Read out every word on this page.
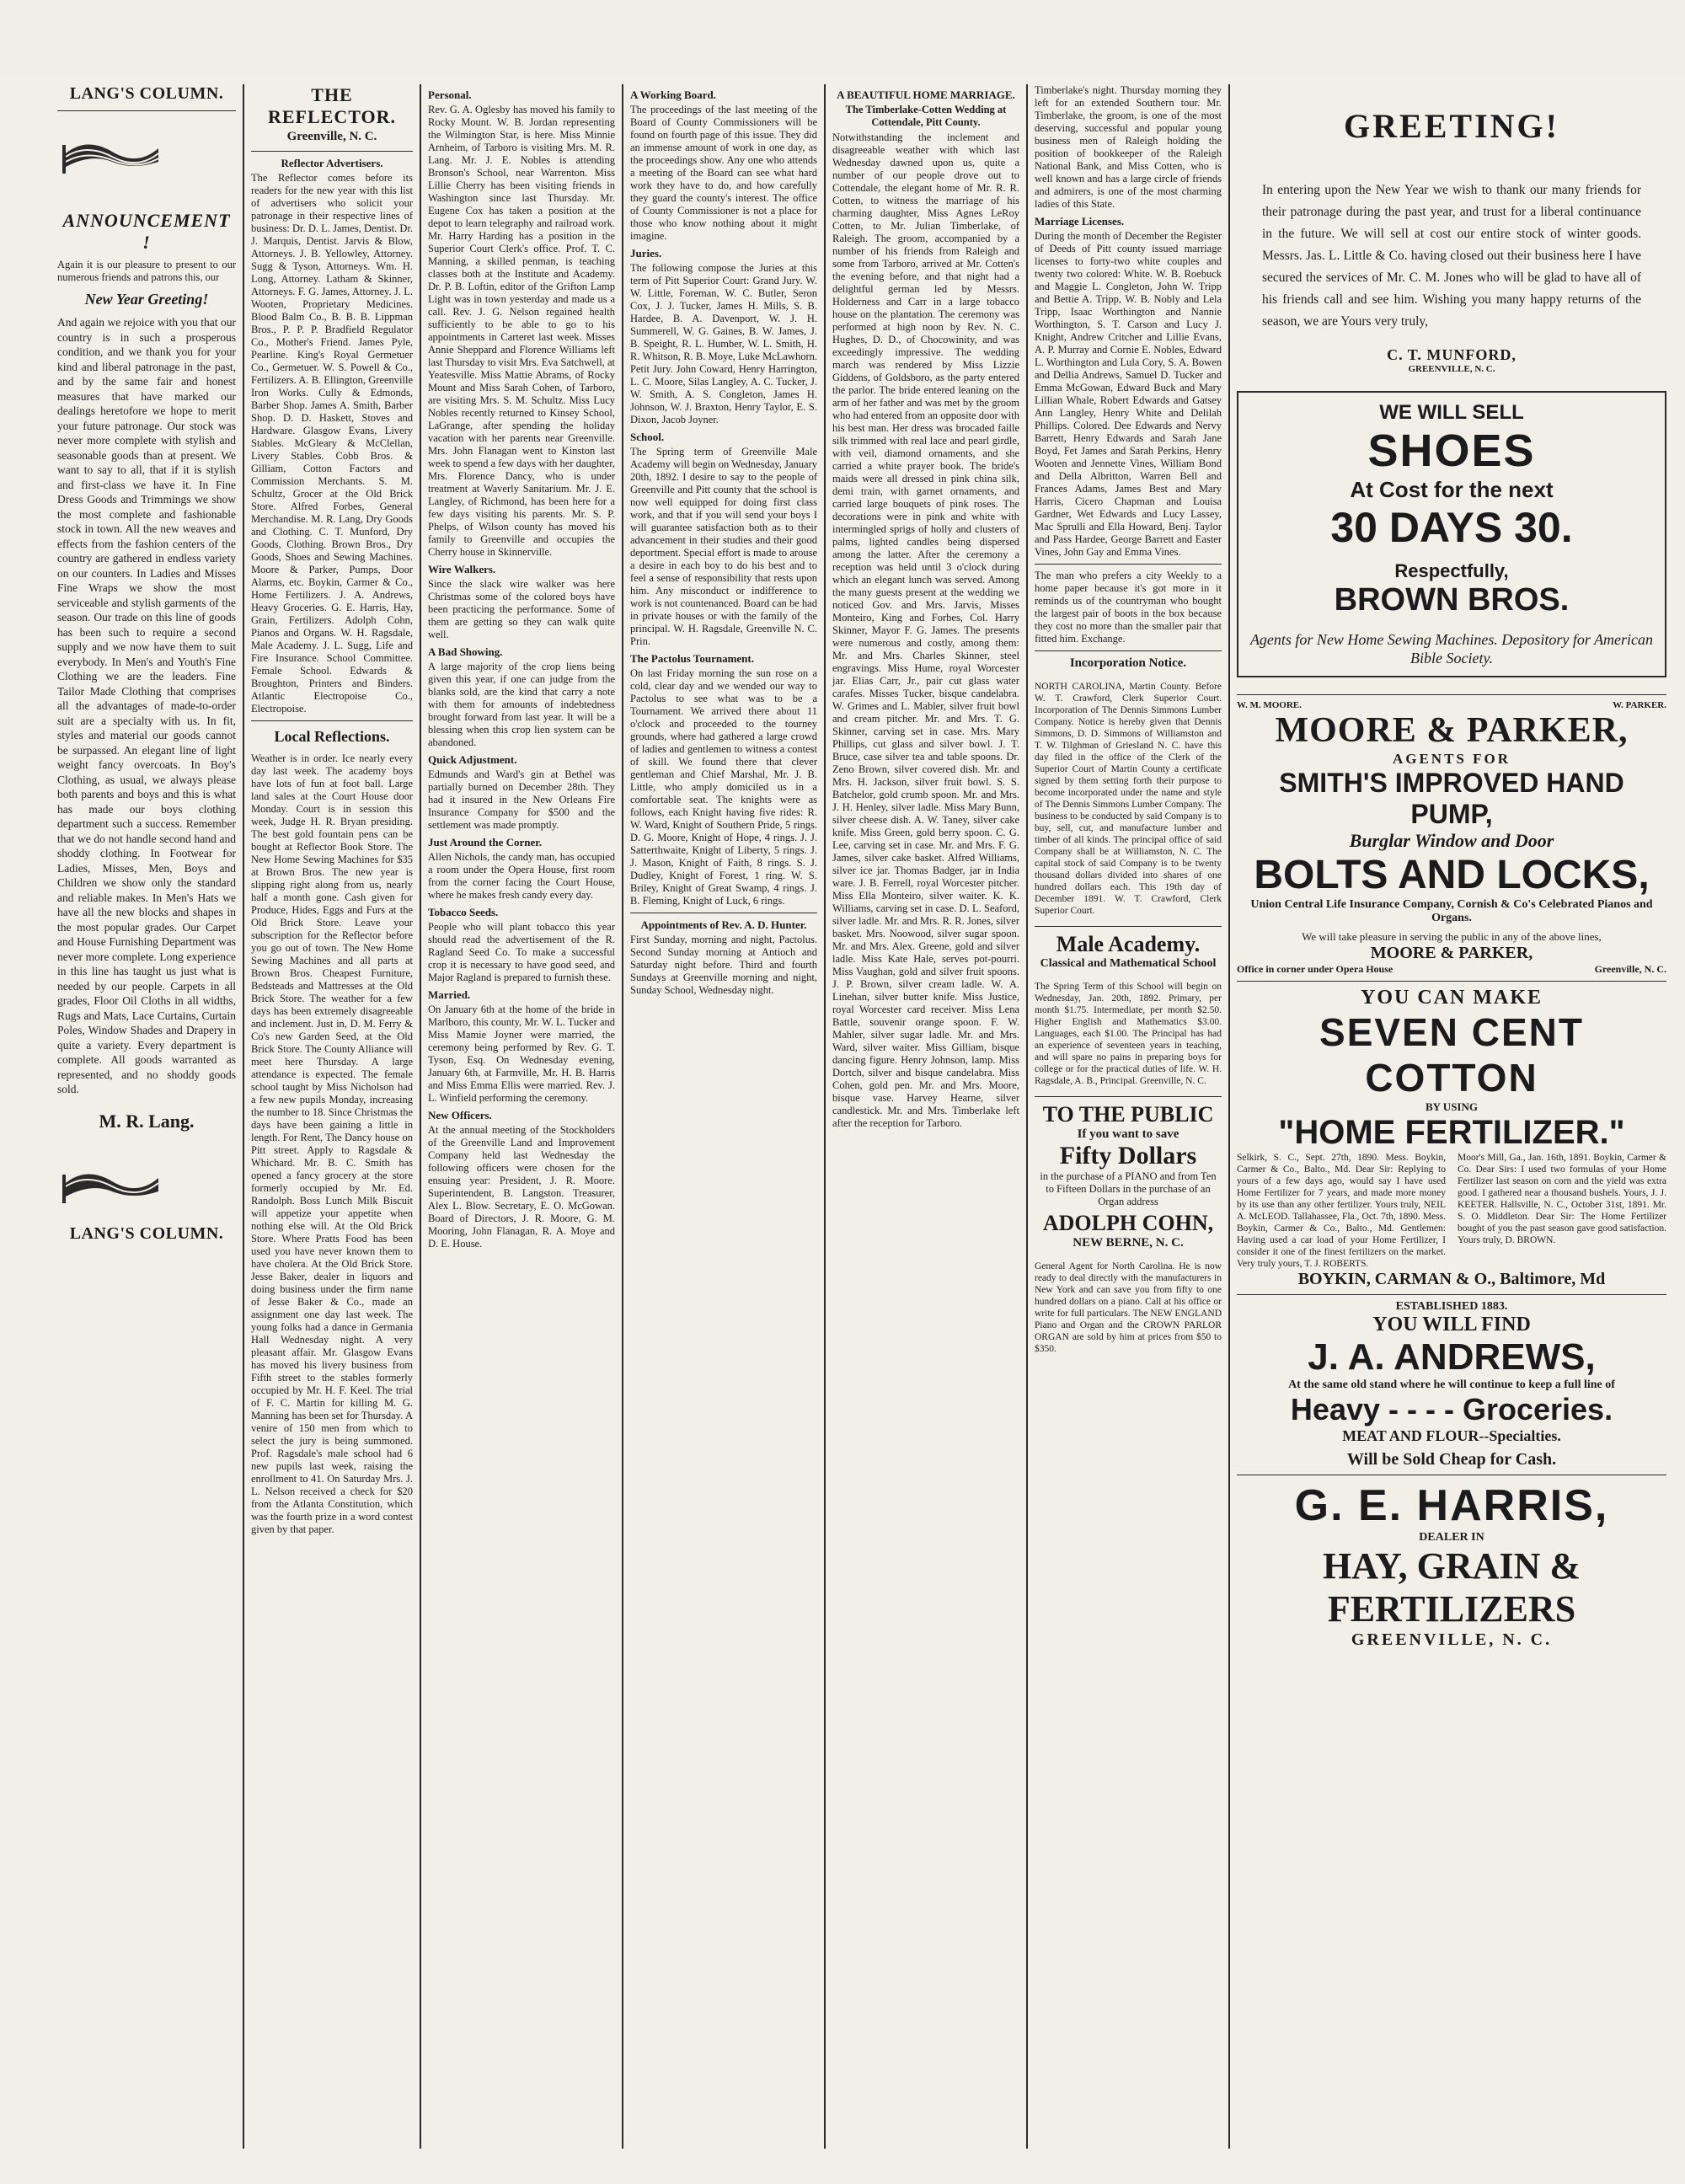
LANG'S COLUMN.
ANNOUNCEMENT !

Again it is our pleasure to present to our numerous friends and patrons this, our

New Year Greeting!

And again we rejoice with you that our country is in such a prosperous condition, and we thank you for your kind and liberal patronage in the past, and by the same fair and honest measures that have marked our dealings heretofore we hope to merit your future patronage. Our stock was never more complete with stylish and seasonable goods than at present. We want to say to all, that if it is stylish and first-class we have it. In Fine Dress Goods and Trimmings we show the most complete and fashionable stock in town. All the new weaves and effects from the fashion centers of the country are gathered in endless variety on our counters. In Ladies and Misses Fine Wraps we show the most serviceable and stylish garments of the season. Our trade on this line of goods has been such to require a second supply and we now have them to suit everybody. In Men's and Youth's Fine Clothing we are the leaders. Fine Tailor Made Clothing that comprises all the advantages of made-to-order suit are a specialty with us. In fit, styles and material our goods cannot be surpassed. An elegant line of light weight fancy overcoats. In Boy's Clothing, as usual, we always please both parents and boys and this is what has made our boys clothing department such a success. Remember that we do not handle second hand and shoddy clothing. In Footwear for Ladies, Misses, Men, Boys and Children we show only the standard and reliable makes. In Men's Hats we have all the new blocks and shapes in the most popular grades. Our Carpet and House Furnishing Department was never more complete. Long experience in this line has taught us just what is needed by our people. Carpets in all grades, Floor Oil Cloths in all widths, Rugs and Mats, Lace Curtains, Curtain Poles, Window Shades and Drapery in quite a variety. Every department is complete. All goods warranted as represented, and no shoddy goods sold.

M. R. Lang.
LANG'S COLUMN.
THE REFLECTOR.
Greenville, N. C.
Reflector Advertisers.

The Reflector comes before its readers for the new year with this list of advertisers who solicit your patronage in their respective lines of business: Dr. D. L. James, Dentist. Dr. J. Marquis, Dentist. Jarvis & Blow, Attorneys. J. B. Yellowley, Attorney. Sugg & Tyson, Attorneys. Wm. H. Long, Attorney. Latham & Skinner, Attorneys. F. G. James, Attorney. J. L. Wooten, Proprietary Medicines. Blood Balm Co., B. B. B. Lippman Bros., P. P. P. Bradfield Regulator Co., Mother's Friend. James Pyle, Pearline. King's Royal Germetuer Co., Germetuer. W. S. Powell & Co., Fertilizers. A. B. Ellington, Greenville Iron Works. Cully & Edmonds, Barber Shop. James A. Smith, Barber Shop. D. D. Haskett, Stoves and Hardware. Glasgow Evans, Livery Stables. McGleary & McClellan, Livery Stables. Cobb Bros. & Gilliam, Cotton Factors and Commission Merchants. S. M. Schultz, Grocer at the Old Brick Store. Alfred Forbes, General Merchandise. M. R. Lang, Dry Goods and Clothing. C. T. Munford, Dry Goods, Clothing. Brown Bros., Dry Goods, Shoes and Sewing Machines. Moore & Parker, Pumps, Door Alarms, etc. Boykin, Carmer & Co., Home Fertilizers. J. A. Andrews, Heavy Groceries. G. E. Harris, Hay, Grain, Fertilizers. Adolph Cohn, Pianos and Organs. W. H. Ragsdale, Male Academy. J. L. Sugg, Life and Fire Insurance. School Committee. Female School. Edwards & Broughton, Printers and Binders. Atlantic Electropoise Co., Electropoise.

Local Reflections.

Weather is in order. Ice nearly every day last week. The academy boys have lots of fun at foot ball. Large land sales at the Court House door Monday. Court is in session this week, Judge H. R. Bryan presiding. The best gold fountain pens can be bought at Reflector Book Store. The New Home Sewing Machines for $35 at Brown Bros. The new year is slipping right along from us, nearly half a month gone. Cash given for Produce, Hides, Eggs and Furs at the Old Brick Store. Leave your subscription for the Reflector before you go out of town. The New Home Sewing Machines and all parts at Brown Bros. Cheapest Furniture, Bedsteads and Mattresses at the Old Brick Store. The weather for a few days has been extremely disagreeable and inclement. Just in, D. M. Ferry & Co's new Garden Seed, at the Old Brick Store. The County Alliance will meet here Thursday. A large attendance is expected. The female school taught by Miss Nicholson had a few new pupils Monday, increasing the number to 18. Since Christmas the days have been gaining a little in length. For Rent, The Dancy house on Pitt street. Apply to Ragsdale & Whichard. Mr. B. C. Smith has opened a fancy grocery at the store formerly occupied by Mr. Ed. Randolph. Boss Lunch Milk Biscuit will appetize your appetite when nothing else will. At the Old Brick Store. Where Pratts Food has been used you have never known them to have cholera. At the Old Brick Store. Jesse Baker, dealer in liquors and doing business under the firm name of Jesse Baker & Co., made an assignment one day last week. The young folks had a dance in Germania Hall Wednesday night. A very pleasant affair. Mr. Glasgow Evans has moved his livery business from Fifth street to the stables formerly occupied by Mr. H. F. Keel. The trial of F. C. Martin for killing M. G. Manning has been set for Thursday. A venire of 150 men from which to select the jury is being summoned. Prof. Ragsdale's male school had 6 new pupils last week, raising the enrollment to 41. On Saturday Mrs. J. L. Nelson received a check for $20 from the Atlanta Constitution, which was the fourth prize in a word contest given by that paper.

Personal.

Rev. G. A. Oglesby has moved his family to Rocky Mount. W. B. Jordan representing the Wilmington Star, is here. Miss Minnie Arnheim, of Tarboro is visiting Mrs. M. R. Lang. Mr. J. E. Nobles is attending Bronson's School, near Warrenton. Miss Lillie Cherry has been visiting friends in Washington since last Thursday. Mr. Eugene Cox has taken a position at the depot to learn telegraphy and railroad work. Mr. Harry Harding has a position in the Superior Court Clerk's office. Prof. T. C. Manning, a skilled penman, is teaching classes both at the Institute and Academy. Dr. P. B. Loftin, editor of the Grifton Lamp Light was in town yesterday and made us a call. Rev. J. G. Nelson regained health sufficiently to be able to go to his appointments in Carteret last week. Misses Annie Sheppard and Florence Williams left last Thursday to visit Mrs. Eva Satchwell, at Yeatesville. Miss Mattie Abrams, of Rocky Mount and Miss Sarah Cohen, of Tarboro, are visiting Mrs. S. M. Schultz. Miss Lucy Nobles recently returned to Kinsey School, LaGrange, after spending the holiday vacation with her parents near Greenville. Mrs. John Flanagan went to Kinston last week to spend a few days with her daughter, Mrs. Florence Dancy, who is under treatment at Waverly Sanitarium. Mr. J. E. Langley, of Richmond, has been here for a few days visiting his parents. Mr. S. P. Phelps, of Wilson county has moved his family to Greenville and occupies the Cherry house in Skinnerville.

Wire Walkers.

Since the slack wire walker was here Christmas some of the colored boys have been practicing the performance. Some of them are getting so they can walk quite well.

A Bad Showing.

A large majority of the crop liens being given this year, if one can judge from the blanks sold, are the kind that carry a note with them for amounts of indebtedness brought forward from last year. It will be a blessing when this crop lien system can be abandoned.

Quick Adjustment.

Edmunds and Ward's gin at Bethel was partially burned on December 28th. They had it insured in the New Orleans Fire Insurance Company for $500 and the settlement was made promptly.

Just Around the Corner.

Allen Nichols, the candy man, has occupied a room under the Opera House, first room from the corner facing the Court House, where he makes fresh candy every day.

Tobacco Seeds.

People who will plant tobacco this year should read the advertisement of the R. Ragland Seed Co. To make a successful crop it is necessary to have good seed, and Major Ragland is prepared to furnish these.

Married.

On January 6th at the home of the bride in Marlboro, this county, Mr. W. L. Tucker and Miss Mamie Joyner were married, the ceremony being performed by Rev. G. T. Tyson, Esq. On Wednesday evening, January 6th, at Farmville, Mr. H. B. Harris and Miss Emma Ellis were married. Rev. J. L. Winfield performing the ceremony.

New Officers.

At the annual meeting of the Stockholders of the Greenville Land and Improvement Company held last Wednesday the following officers were chosen for the ensuing year: President, J. R. Moore. Superintendent, B. Langston. Treasurer, Alex L. Blow. Secretary, E. O. McGowan. Board of Directors, J. R. Moore, G. M. Mooring, John Flanagan, R. A. Moye and D. E. House.

A Working Board.

The proceedings of the last meeting of the Board of County Commissioners will be found on fourth page of this issue. They did an immense amount of work in one day, as the proceedings show. Any one who attends a meeting of the Board can see what hard work they have to do, and how carefully they guard the county's interest. The office of County Commissioner is not a place for those who know nothing about it might imagine.

Juries.

The following compose the Juries at this term of Pitt Superior Court: Grand Jury. W. W. Little, Foreman, W. C. Butler, Seron Cox, J. J. Tucker, James H. Mills, S. B. Hardee, B. A. Davenport, W. J. H. Summerell, W. G. Gaines, B. W. James, J. B. Speight, R. L. Humber, W. L. Smith, H. R. Whitson, R. B. Moye, Luke McLawhorn. Petit Jury. John Coward, Henry Harrington, L. C. Moore, Silas Langley, A. C. Tucker, J. W. Smith, A. S. Congleton, James H. Johnson, W. J. Braxton, Henry Taylor, E. S. Dixon, Jacob Joyner.

School.

The Spring term of Greenville Male Academy will begin on Wednesday, January 20th, 1892. I desire to say to the people of Greenville and Pitt county that the school is now well equipped for doing first class work, and that if you will send your boys I will guarantee satisfaction both as to their advancement in their studies and their good deportment. Special effort is made to arouse a desire in each boy to do his best and to feel a sense of responsibility that rests upon him. Any misconduct or indifference to work is not countenanced. Board can be had in private houses or with the family of the principal. W. H. Ragsdale, Greenville N. C. Prin.

The Pactolus Tournament.

On last Friday morning the sun rose on a cold, clear day and we wended our way to Pactolus to see what was to be a Tournament. We arrived there about 11 o'clock and proceeded to the tourney grounds, where had gathered a large crowd of ladies and gentlemen to witness a contest of skill. We found there that clever gentleman and Chief Marshal, Mr. J. B. Little, who amply domiciled us in a comfortable seat. The knights were as follows, each Knight having five rides: R. W. Ward, Knight of Southern Pride, 5 rings. D. G. Moore, Knight of Hope, 4 rings. J. J. Satterthwaite, Knight of Liberty, 5 rings. J. J. Mason, Knight of Faith, 8 rings. S. J. Dudley, Knight of Forest, 1 ring. W. S. Briley, Knight of Great Swamp, 4 rings. J. B. Fleming, Knight of Luck, 6 rings.

Appointments of Rev. A. D. Hunter.

First Sunday, morning and night, Pactolus. Second Sunday morning at Antioch and Saturday night before. Third and fourth Sundays at Greenville morning and night, Sunday School, Wednesday night.

A BEAUTIFUL HOME MARRIAGE.
The Timberlake-Cotten Wedding at Cottendale, Pitt County.

Notwithstanding the inclement and disagreeable weather with which last Wednesday dawned upon us, quite a number of our people drove out to Cottendale, the elegant home of Mr. R. R. Cotten, to witness the marriage of his charming daughter, Miss Agnes LeRoy Cotten, to Mr. Julian Timberlake, of Raleigh. The groom, accompanied by a number of his friends from Raleigh and some from Tarboro, arrived at Mr. Cotten's the evening before, and that night had a delightful german led by Messrs. Holderness and Carr in a large tobacco house on the plantation. The ceremony was performed at high noon by Rev. N. C. Hughes, D. D., of Chocowinity, and was exceedingly impressive. The wedding march was rendered by Miss Lizzie Giddens, of Goldsboro, as the party entered the parlor. The bride entered leaning on the arm of her father and was met by the groom who had entered from an opposite door with his best man. Her dress was brocaded faille silk trimmed with real lace and pearl girdle, with veil, diamond ornaments, and she carried a white prayer book. The bride's maids were all dressed in pink china silk, demi train, with garnet ornaments, and carried large bouquets of pink roses. The decorations were in pink and white with intermingled sprigs of holly and clusters of palms, lighted candles being dispersed among the latter. After the ceremony a reception was held until 3 o'clock during which an elegant lunch was served. Among the many guests present at the wedding we noticed Gov. and Mrs. Jarvis, Misses Monteiro, King and Forbes, Col. Harry Skinner, Mayor F. G. James. The presents were numerous and costly, among them: Mr. and Mrs. Charles Skinner, steel engravings. Miss Hume, royal Worcester jar. Elias Carr, Jr., pair cut glass water carafes. Misses Tucker, bisque candelabra. W. Grimes and L. Mabler, silver fruit bowl and cream pitcher. Mr. and Mrs. T. G. Skinner, carving set in case. Mrs. Mary Phillips, cut glass and silver bowl. J. T. Bruce, case silver tea and table spoons. Dr. Zeno Brown, silver covered dish. Mr. and Mrs. H. Jackson, silver fruit bowl. S. S. Batchelor, gold crumb spoon. Mr. and Mrs. J. H. Henley, silver ladle. Miss Mary Bunn, silver cheese dish. A. W. Taney, silver cake knife. Miss Green, gold berry spoon. C. G. Lee, carving set in case. Mr. and Mrs. F. G. James, silver cake basket. Alfred Williams, silver ice jar. Thomas Badger, jar in India ware. J. B. Ferrell, royal Worcester pitcher. Miss Ella Monteiro, silver waiter. K. K. Williams, carving set in case. D. L. Seaford, silver ladle. Mr. and Mrs. R. R. Jones, silver basket. Mrs. Noowood, silver sugar spoon. Mr. and Mrs. Alex. Greene, gold and silver ladle. Miss Kate Hale, serves pot-pourri. Miss Vaughan, gold and silver fruit spoons. J. P. Brown, silver cream ladle. W. A. Linehan, silver butter knife. Miss Justice, royal Worcester card receiver. Miss Lena Battle, souvenir orange spoon. F. W. Mahler, silver sugar ladle. Mr. and Mrs. Ward, silver waiter. Miss Gilliam, bisque dancing figure. Henry Johnson, lamp. Miss Dortch, silver and bisque candelabra. Miss Cohen, gold pen. Mr. and Mrs. Moore, bisque vase. Harvey Hearne, silver candlestick. Mr. and Mrs. Timberlake left after the reception for Tarboro.

Timberlake's night. Thursday morning they left for an extended Southern tour. Mr. Timberlake, the groom, is one of the most deserving, successful and popular young business men of Raleigh holding the position of bookkeeper of the Raleigh National Bank, and Miss Cotten, who is well known and has a large circle of friends and admirers, is one of the most charming ladies of this State.

Marriage Licenses.

During the month of December the Register of Deeds of Pitt county issued marriage licenses to forty-two white couples and twenty two colored: White. W. B. Roebuck and Maggie L. Congleton, John W. Tripp and Bettie A. Tripp, W. B. Nobly and Lela Tripp, Isaac Worthington and Nannie Worthington, S. T. Carson and Lucy J. Knight, Andrew Critcher and Lillie Evans, A. P. Murray and Cornie E. Nobles, Edward L. Worthington and Lula Cory, S. A. Bowen and Dellia Andrews, Samuel D. Tucker and Emma McGowan, Edward Buck and Mary Lillian Whale, Robert Edwards and Gatsey Ann Langley, Henry White and Delilah Phillips. Colored. Dee Edwards and Nervy Barrett, Henry Edwards and Sarah Jane Boyd, Fet James and Sarah Perkins, Henry Wooten and Jennette Vines, William Bond and Della Albritton, Warren Bell and Frances Adams, James Best and Mary Harris, Cicero Chapman and Louisa Gardner, Wet Edwards and Lucy Lassey, Mac Sprulli and Ella Howard, Benj. Taylor and Pass Hardee, George Barrett and Easter Vines, John Gay and Emma Vines.

The man who prefers a city Weekly to a home paper because it's got more in it reminds us of the countryman who bought the largest pair of boots in the box because they cost no more than the smaller pair that fitted him. Exchange.

Incorporation Notice.

NORTH CAROLINA, Martin County. Before W. T. Crawford, Clerk Superior Court. Incorporation of The Dennis Simmons Lumber Company. Notice is hereby given that Dennis Simmons, D. D. Simmons of Williamston and T. W. Tilghman of Griesland N. C. have this day filed in the office of the Clerk of the Superior Court of Martin County a certificate signed by them setting forth their purpose to become incorporated under the name and style of The Dennis Simmons Lumber Company. The business to be conducted by said Company is to buy, sell, cut, and manufacture lumber and timber of all kinds. The principal office of said Company shall be at Williamston, N. C. The capital stock of said Company is to be twenty thousand dollars divided into shares of one hundred dollars each. This 19th day of December 1891. W. T. Crawford, Clerk Superior Court.

Male Academy.
Classical and Mathematical School

The Spring Term of this School will begin on Wednesday, Jan. 20th, 1892. Primary, per month $1.75. Intermediate, per month $2.50. Higher English and Mathematics $3.00. Languages, each $1.00. The Principal has had an experience of seventeen years in teaching, and will spare no pains in preparing boys for college or for the practical duties of life. W. H. Ragsdale, A. B., Principal. Greenville, N. C.

TO THE PUBLIC
If you want to save
Fifty Dollars
in the purchase of a PIANO and from Ten to Fifteen Dollars in the purchase of an Organ address
ADOLPH COHN,
NEW BERNE, N. C.

General Agent for North Carolina. He is now ready to deal directly with the manufacturers in New York and can save you from fifty to one hundred dollars on a piano. Call at his office or write for full particulars. The NEW ENGLAND Piano and Organ and the CROWN PARLOR ORGAN are sold by him at prices from $50 to $350.

GREETING!

In entering upon the New Year we wish to thank our many friends for their patronage during the past year, and trust for a liberal continuance in the future. We will sell at cost our entire stock of winter goods. Messrs. Jas. L. Little & Co. having closed out their business here I have secured the services of Mr. C. M. Jones who will be glad to have all of his friends call and see him. Wishing you many happy returns of the season, we are Yours very truly,

C. T. MUNFORD,
GREENVILLE, N. C.
WE WILL SELL
SHOES
At Cost for the next
30 DAYS 30.
Respectfully,
BROWN BROS.
Agents for New Home Sewing Machines. Depository for American Bible Society.
W. M. MOORE.	W. PARKER.
MOORE & PARKER,
AGENTS FOR
SMITH'S IMPROVED HAND PUMP,
Burglar Window and Door
BOLTS AND LOCKS,
Union Central Life Insurance Company, Cornish & Co's Celebrated Pianos and Organs.
We will take pleasure in serving the public in any of the above lines,
MOORE & PARKER,
Office in corner under Opera House	Greenville, N. C.
YOU CAN MAKE
SEVEN CENT COTTON
BY USING
"HOME FERTILIZER."
Selkirk, S. C., Sept. 27th, 1890. Mess. Boykin, Carmer & Co., Balto., Md. Dear Sir: Replying to yours of a few days ago, would say I have used Home Fertilizer for 7 years, and made more money by its use than any other fertilizer. Yours truly, NEIL A. McLEOD. Tallahassee, Fla., Oct. 7th, 1890. Mess. Boykin, Carmer & Co., Balto., Md. Gentlemen: Having used a car load of your Home Fertilizer, I consider it one of the finest fertilizers on the market. Very truly yours, T. J. ROBERTS.
Moor's Mill, Ga., Jan. 16th, 1891. Boykin, Carmer & Co. Dear Sirs: I used two formulas of your Home Fertilizer last season on corn and the yield was extra good. I gathered near a thousand bushels. Yours, J. J. KEETER. Hallsville, N. C., October 31st, 1891. Mr. S. O. Middleton. Dear Sir: The Home Fertilizer bought of you the past season gave good satisfaction. Yours truly, D. BROWN.
BOYKIN, CARMAN & O., Baltimore, Md
ESTABLISHED 1883.
YOU WILL FIND
J. A. ANDREWS,
At the same old stand where he will continue to keep a full line of
Heavy - - - - Groceries.
MEAT AND FLOUR--Specialties.
Will be Sold Cheap for Cash.
G. E. HARRIS,
DEALER IN
HAY, GRAIN & FERTILIZERS
GREENVILLE, N. C.
